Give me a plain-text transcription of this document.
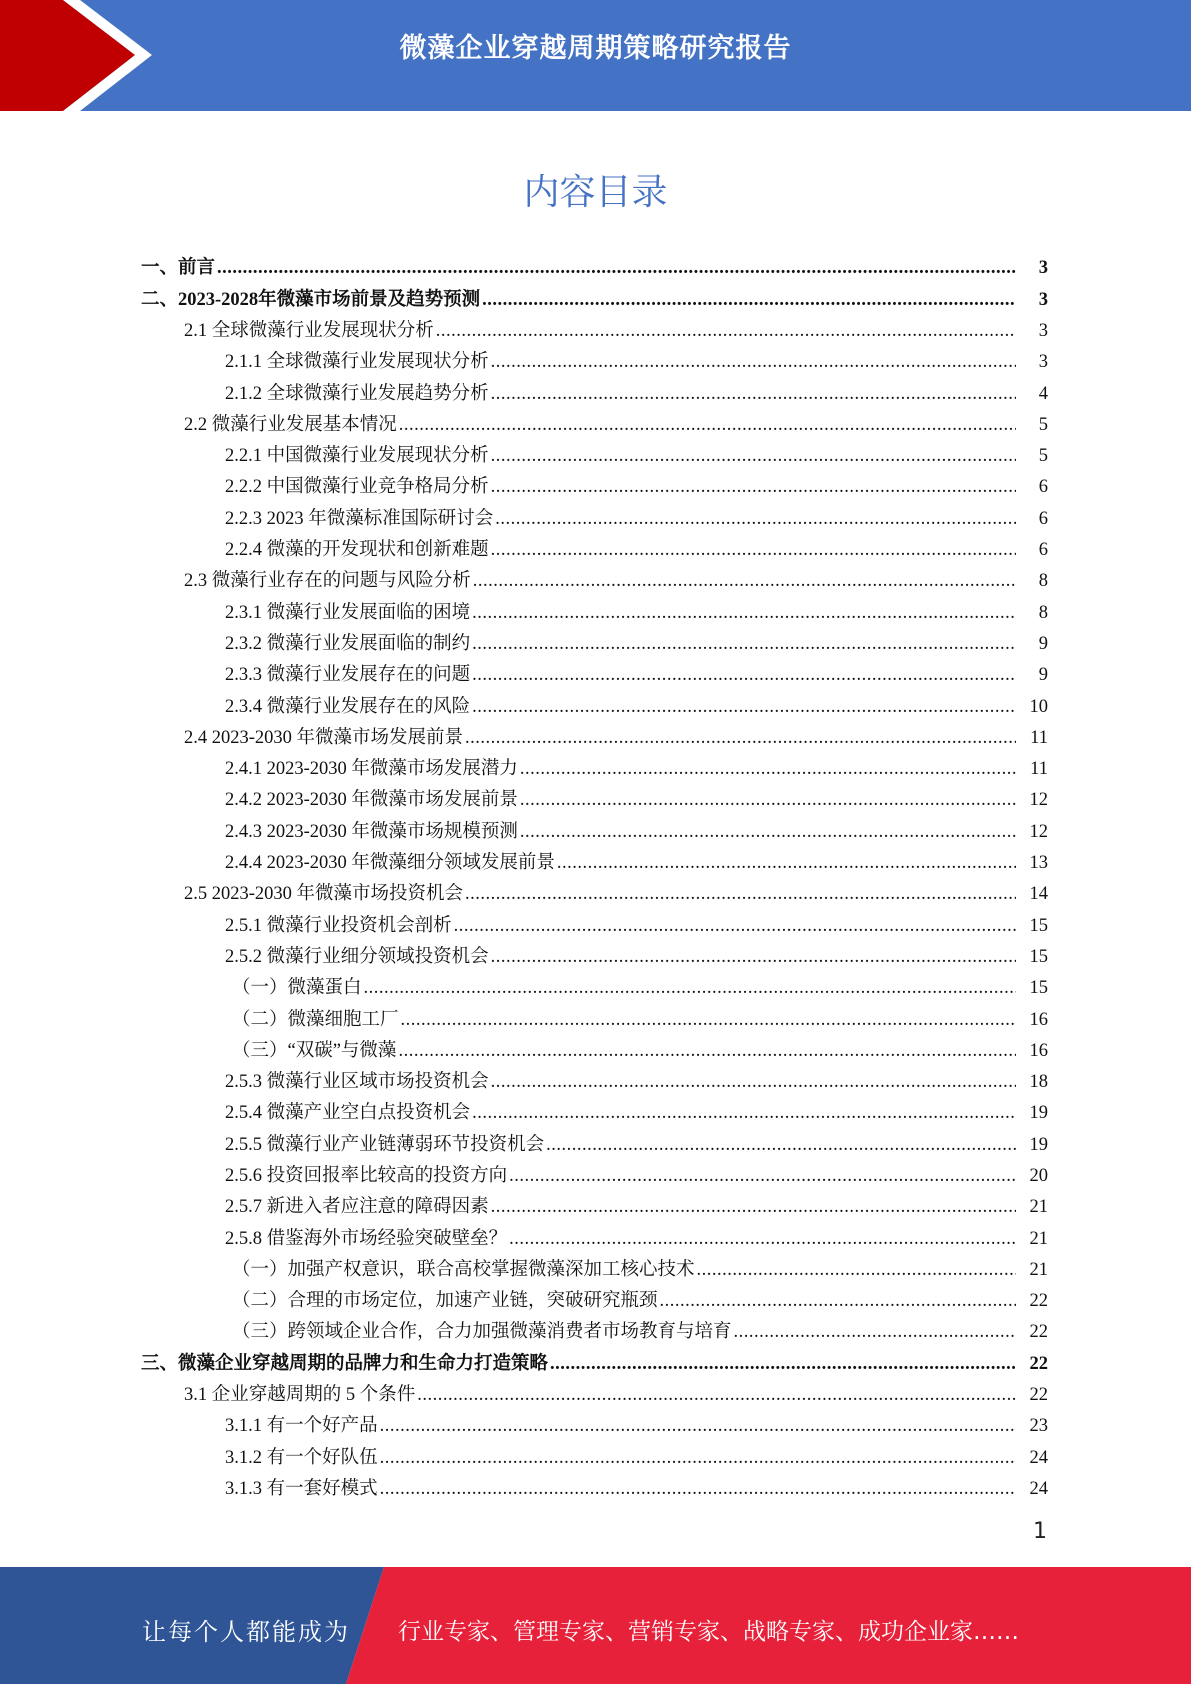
微藻企业穿越周期策略研究报告
内容目录
一、前言 .....	3
二、2023-2028年微藻市场前景及趋势预测 .....	3
2.1 全球微藻行业发展现状分析 .....	3
2.1.1 全球微藻行业发展现状分析 .....	3
2.1.2 全球微藻行业发展趋势分析 .....	4
2.2 微藻行业发展基本情况 .....	5
2.2.1 中国微藻行业发展现状分析 .....	5
2.2.2 中国微藻行业竞争格局分析 .....	6
2.2.3 2023 年微藻标准国际研讨会 .....	6
2.2.4 微藻的开发现状和创新难题 .....	6
2.3 微藻行业存在的问题与风险分析 .....	8
2.3.1 微藻行业发展面临的困境 .....	8
2.3.2 微藻行业发展面临的制约 .....	9
2.3.3 微藻行业发展存在的问题 .....	9
2.3.4 微藻行业发展存在的风险 .....	10
2.4 2023-2030 年微藻市场发展前景 .....	11
2.4.1 2023-2030 年微藻市场发展潜力 .....	11
2.4.2 2023-2030 年微藻市场发展前景 .....	12
2.4.3 2023-2030 年微藻市场规模预测 .....	12
2.4.4 2023-2030 年微藻细分领域发展前景 .....	13
2.5 2023-2030 年微藻市场投资机会 .....	14
2.5.1 微藻行业投资机会剖析 .....	15
2.5.2 微藻行业细分领域投资机会 .....	15
（一）微藻蛋白 .....	15
（二）微藻细胞工厂 .....	16
（三）“双碳”与微藻 .....	16
2.5.3 微藻行业区域市场投资机会 .....	18
2.5.4 微藻产业空白点投资机会 .....	19
2.5.5 微藻行业产业链薄弱环节投资机会 .....	19
2.5.6 投资回报率比较高的投资方向 .....	20
2.5.7 新进入者应注意的障碍因素 .....	21
2.5.8 借鉴海外市场经验突破壁垒？ .....	21
（一）加强产权意识，联合高校掌握微藻深加工核心技术 .....	21
（二）合理的市场定位，加速产业链，突破研究瓶颈 .....	22
（三）跨领域企业合作，合力加强微藻消费者市场教育与培育 .....	22
三、微藻企业穿越周期的品牌力和生命力打造策略 .....	22
3.1 企业穿越周期的 5 个条件 .....	22
3.1.1 有一个好产品 .....	23
3.1.2 有一个好队伍 .....	24
3.1.3 有一套好模式 .....	24
1
让每个人都能成为 行业专家、管理专家、营销专家、战略专家、成功企业家……
